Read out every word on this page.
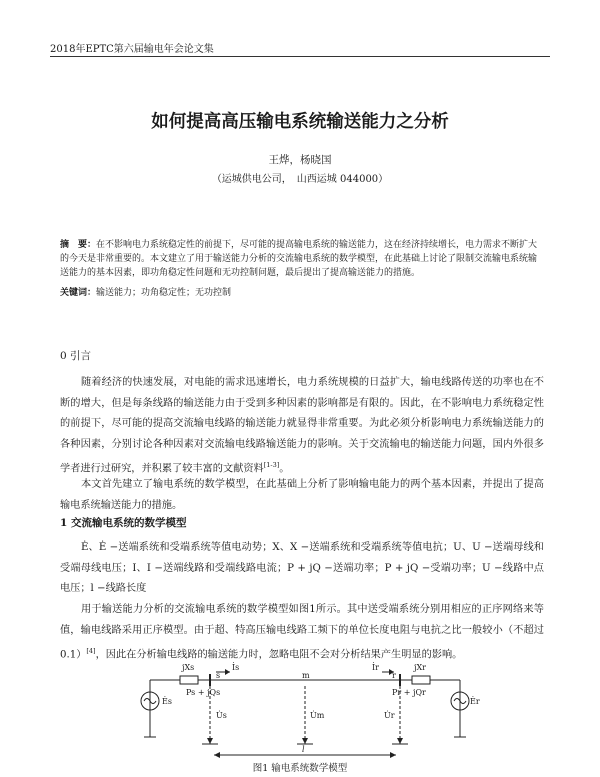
2018年EPTC第六届输电年会论文集
如何提高高压输电系统输送能力之分析
王烨，杨晓国
（运城供电公司，　山西运城 044000）
摘　要：在不影响电力系统稳定性的前提下，尽可能的提高输电系统的输送能力，这在经济持续增长，电力需求不断扩大的今天是非常重要的。本文建立了用于输送能力分析的交流输电系统的数学模型，在此基础上讨论了限制交流输电系统输送能力的基本因素，即功角稳定性问题和无功控制问题，最后提出了提高输送能力的措施。
关键词：输送能力；功角稳定性；无功控制
0 引言
随着经济的快速发展，对电能的需求迅速增长，电力系统规模的日益扩大，输电线路传送的功率也在不断的增大，但是每条线路的输送能力由于受到多种因素的影响都是有限的。因此，在不影响电力系统稳定性的前提下，尽可能的提高交流输电线路的输送能力就显得非常重要。为此必须分析影响电力系统输送能力的各种因素，分别讨论各种因素对交流输电线路输送能力的影响。关于交流输电的输送能力问题，国内外很多学者进行过研究，并积累了较丰富的文献资料[1-3]。
本文首先建立了输电系统的数学模型，在此基础上分析了影响输电能力的两个基本因素，并提出了提高输电系统输送能力的措施。
1 交流输电系统的数学模型
Ė、Ė −送端系统和受端系统等值电动势；X、X −送端系统和受端系统等值电抗；U、U −送端母线和受端母线电压；I、I −送端线路和受端线路电流；P + jQ −送端功率；P + jQ −受端功率；U −线路中点电压；l −线路长度
用于输送能力分析的交流输电系统的数学模型如图1所示。其中送受端系统分别用相应的正序网络来等值，输电线路采用正序模型。由于超、特高压输电线路工频下的单位长度电阻与电抗之比一般较小（不超过0.1）[4]，因此在分析输电线路的输送能力时，忽略电阻不会对分析结果产生明显的影响。
jXs	jXr
İs	İr
s	m	r
Ps + jQs	Pr + jQr
U̇s	U̇m	U̇r
Ės	Ėr
l
图1 输电系统数学模型
